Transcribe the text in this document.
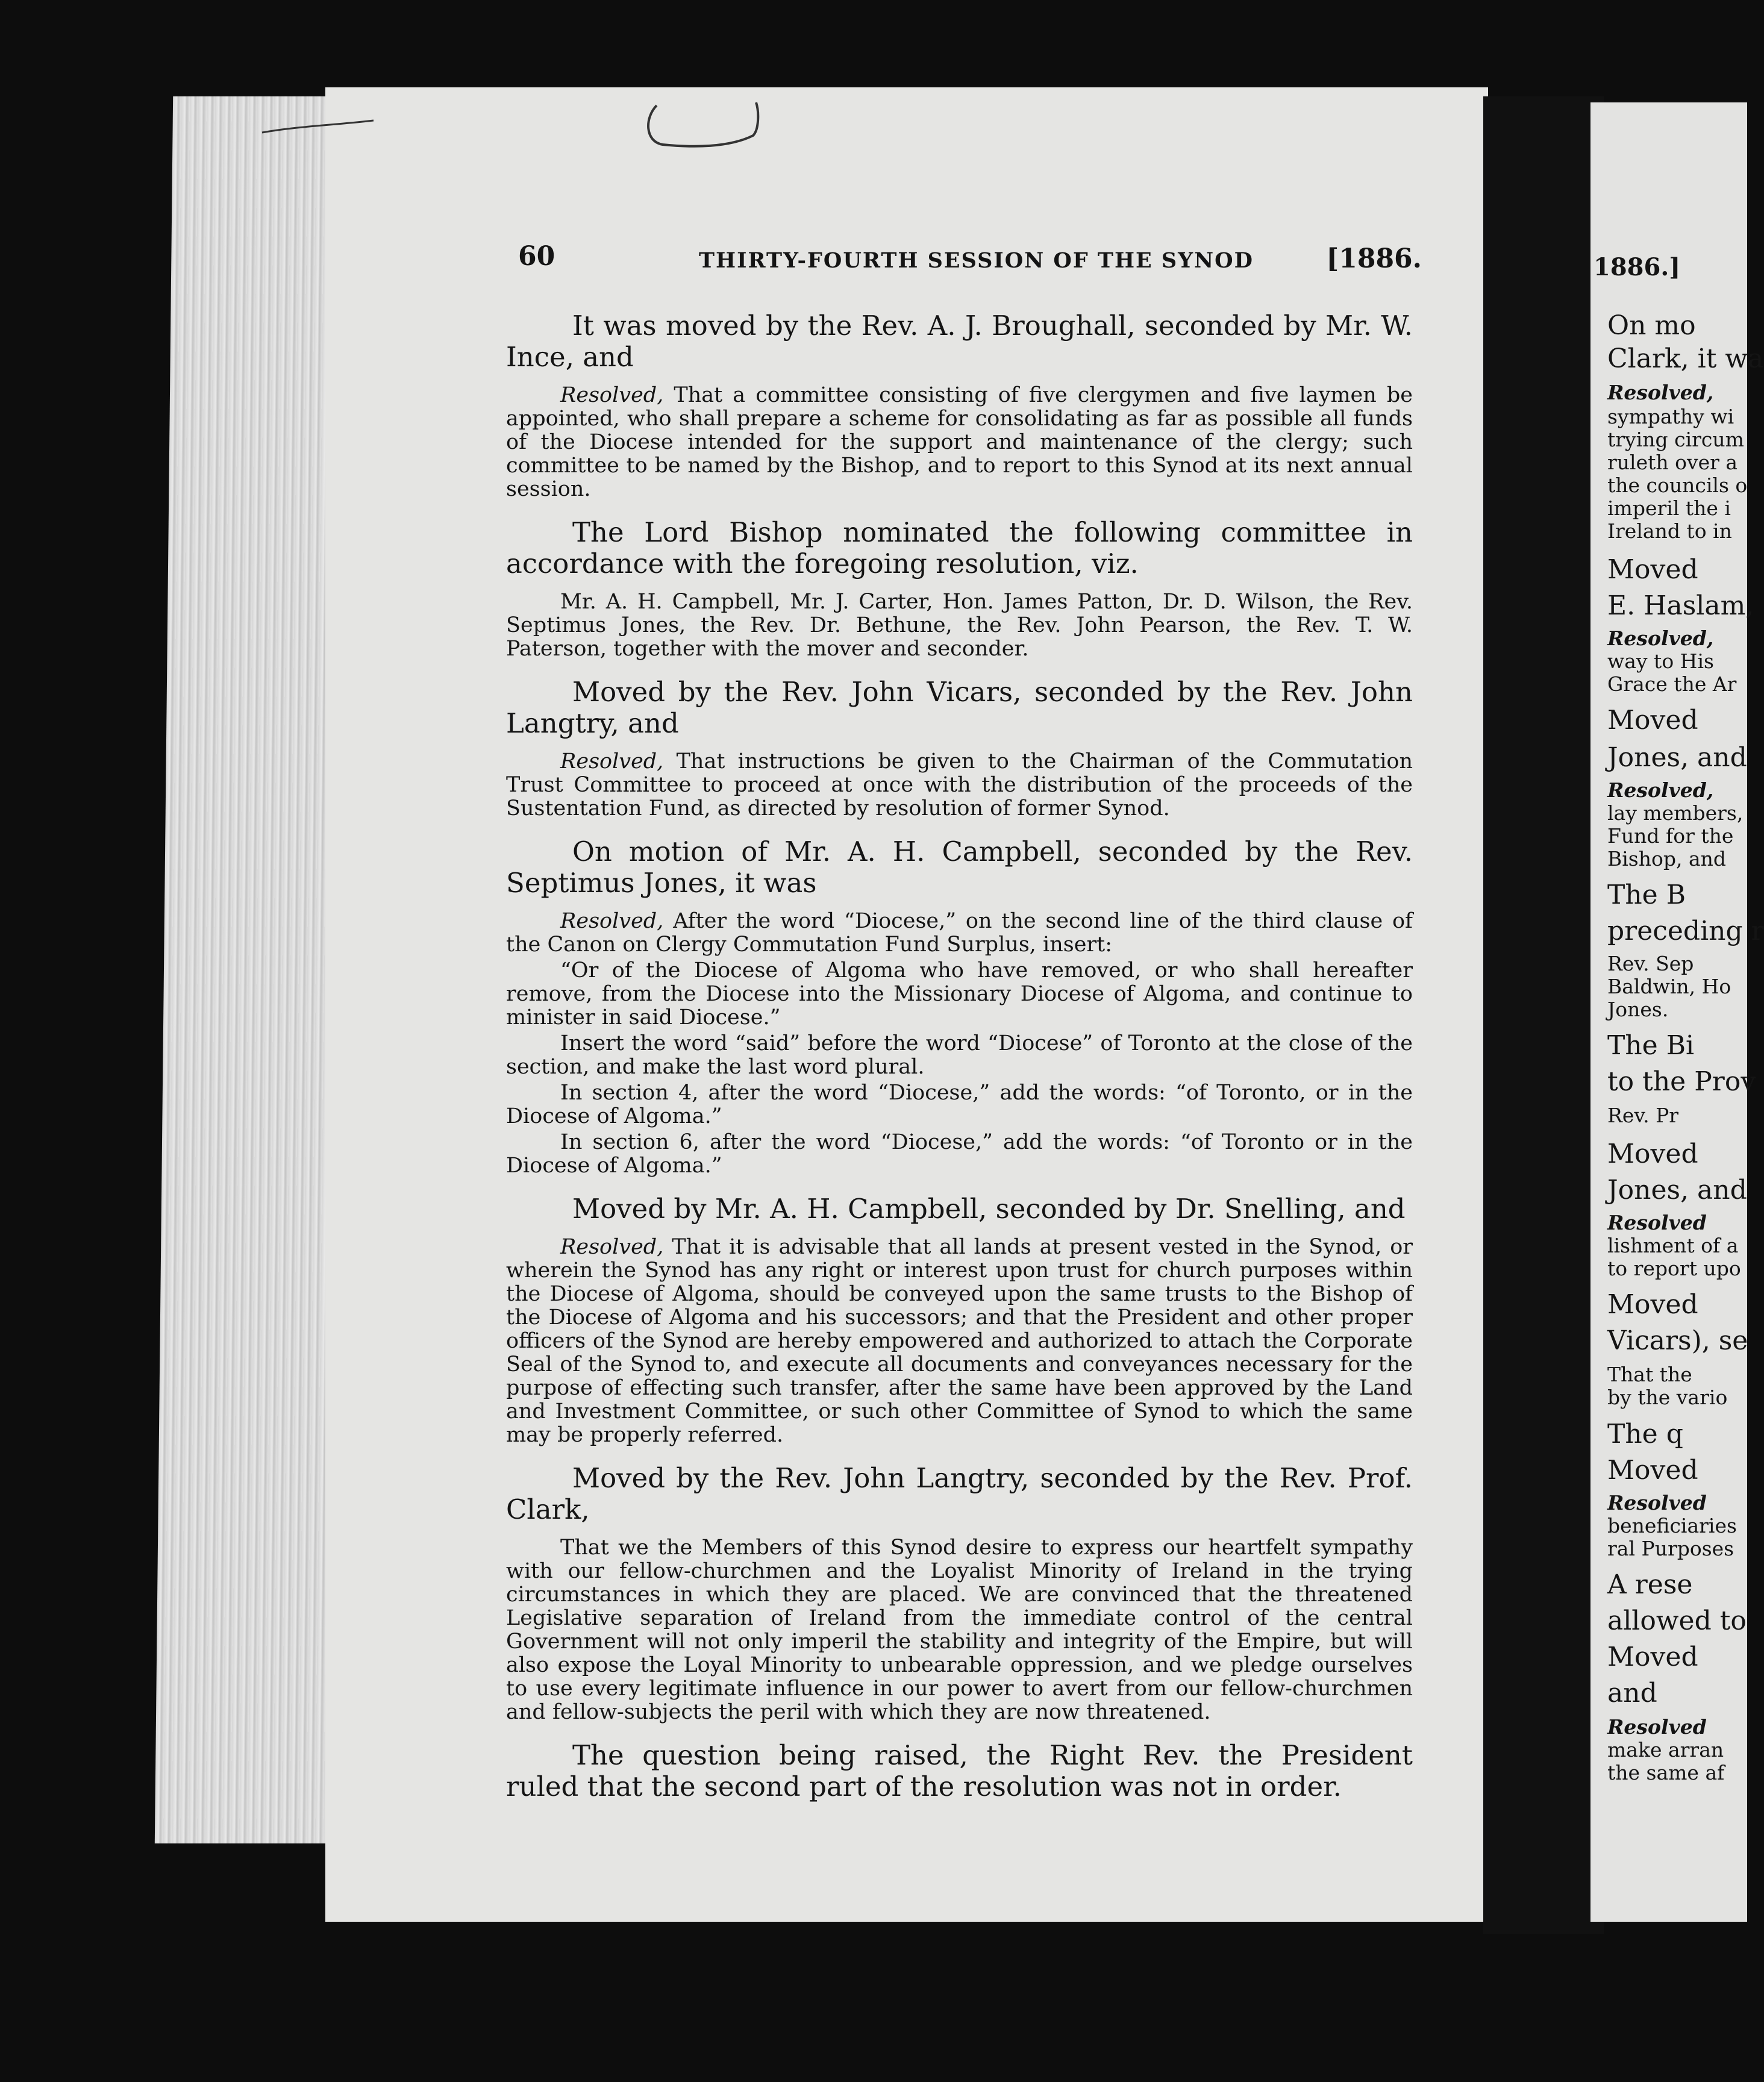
60	THIRTY-FOURTH SESSION OF THE SYNOD	[1886.

It was moved by the Rev. A. J. Broughall, seconded by Mr. W. Ince, and

Resolved, That a committee consisting of five clergymen and five laymen be appointed, who shall prepare a scheme for consolidating as far as possible all funds of the Diocese intended for the support and maintenance of the clergy; such committee to be named by the Bishop, and to report to this Synod at its next annual session.

The Lord Bishop nominated the following committee in accordance with the foregoing resolution, viz.

Mr. A. H. Campbell, Mr. J. Carter, Hon. James Patton, Dr. D. Wilson, the Rev. Septimus Jones, the Rev. Dr. Bethune, the Rev. John Pearson, the Rev. T. W. Paterson, together with the mover and seconder.

Moved by the Rev. John Vicars, seconded by the Rev. John Langtry, and

Resolved, That instructions be given to the Chairman of the Commutation Trust Committee to proceed at once with the distribution of the proceeds of the Sustentation Fund, as directed by resolution of former Synod.

On motion of Mr. A. H. Campbell, seconded by the Rev. Septimus Jones, it was

Resolved, After the word “Diocese,” on the second line of the third clause of the Canon on Clergy Commutation Fund Surplus, insert:

“Or of the Diocese of Algoma who have removed, or who shall hereafter remove, from the Diocese into the Missionary Diocese of Algoma, and continue to minister in said Diocese.”

Insert the word “said” before the word “Diocese” of Toronto at the close of the section, and make the last word plural.

In section 4, after the word “Diocese,” add the words: “of Toronto, or in the Diocese of Algoma.”

In section 6, after the word “Diocese,” add the words: “of Toronto or in the Diocese of Algoma.”

Moved by Mr. A. H. Campbell, seconded by Dr. Snelling, and

Resolved, That it is advisable that all lands at present vested in the Synod, or wherein the Synod has any right or interest upon trust for church purposes within the Diocese of Algoma, should be conveyed upon the same trusts to the Bishop of the Diocese of Algoma and his successors; and that the President and other proper officers of the Synod are hereby empowered and authorized to attach the Corporate Seal of the Synod to, and execute all documents and conveyances necessary for the purpose of effecting such transfer, after the same have been approved by the Land and Investment Committee, or such other Committee of Synod to which the same may be properly referred.

Moved by the Rev. John Langtry, seconded by the Rev. Prof. Clark,

That we the Members of this Synod desire to express our heartfelt sympathy with our fellow-churchmen and the Loyalist Minority of Ireland in the trying circumstances in which they are placed. We are convinced that the threatened Legislative separation of Ireland from the immediate control of the central Government will not only imperil the stability and integrity of the Empire, but will also expose the Loyal Minority to unbearable oppression, and we pledge ourselves to use every legitimate influence in our power to avert from our fellow-churchmen and fellow-subjects the peril with which they are now threatened.

The question being raised, the Right Rev. the President ruled that the second part of the resolution was not in order.

1886.]
On mo
Clark, it wa
Resolved,
sympathy wi
trying circum
ruleth over a
the councils o
imperil the i
Ireland to in
Moved
E. Haslam,
Resolved,
way to His
Grace the Ar
Moved
Jones, and
Resolved,
lay members,
Fund for the
Bishop, and
The B
preceding r
Rev. Sep
Baldwin, Ho
Jones.
The Bi
to the Prov
Rev. Pr
Moved
Jones, and
Resolved
lishment of a
to report upo
Moved
Vicars), se
That the
by the vario
The q
Moved
Resolved
beneficiaries
ral Purposes
A rese
allowed to
Moved
and
Resolved
make arran
the same af
